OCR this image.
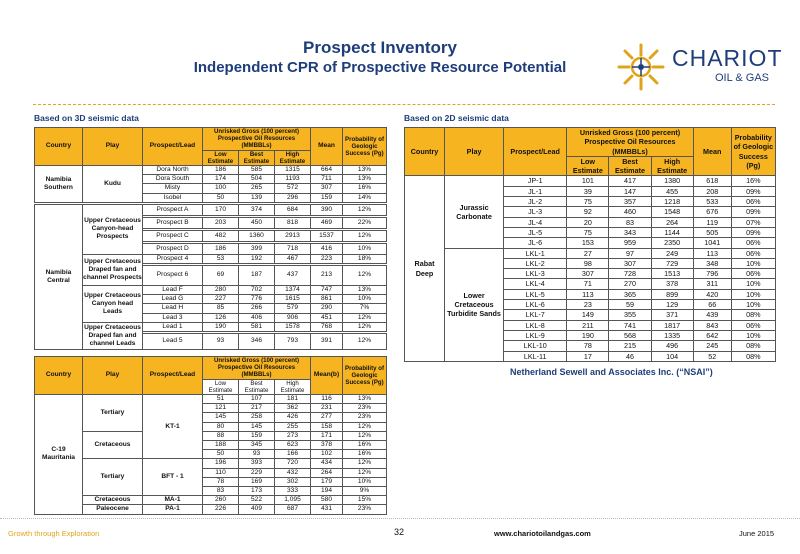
Prospect Inventory
Independent CPR of Prospective Resource Potential	CHARIOT
OIL & GAS
Based on 3D seismic data	Based on 2D seismic data
Country	Play	Prospect/Lead	Unrisked Gross (100 percent) Prospective Oil Resources (MMBBLs)			Mean	Probability of Geologic Success (Pg)
			Low Estimate	Best Estimate	High Estimate		
Namibia Southern	Kudu	Dora North	186	585	1315	664	13%
		Dora South	174	504	1193	711	13%
		Misty	100	265	572	307	16%
		Isobel	50	139	296	159	14%

Namibia Central	Upper Cretaceous Canyon-head Prospects	Prospect A	170	374	684	390	12%

		Prospect B	203	450	818	469	22%

		Prospect C	482	1360	2913	1537	12%

		Prospect D	186	399	718	416	10%
	Upper Cretaceous Draped fan and channel Prospects	Prospect 4	53	192	467	223	18%

		Prospect 6	69	187	437	213	12%
	Upper Cretaceous Canyon head Leads	Lead F	280	702	1374	747	13%
		Lead G	227	776	1615	861	10%
		Lead H	85	266	579	290	7%
		Lead 3	126	406	906	451	12%
	Upper Cretaceous Draped fan and channel Leads	Lead 1	190	581	1578	768	12%

		Lead 5	93	346	793	391	12%
Country	Play	Prospect/Lead	Unrisked Gross (100 percent) Prospective Oil Resources (MMBBLs)			Mean(b)	Probability of Geologic Success (Pg)
			Low Estimate	Best Estimate	High Estimate		
C-19 Mauritania	Tertiary	KT-1	51	107	181	116	13%
			121	217	362	231	23%
			145	258	426	277	23%
			80	145	255	158	12%
	Cretaceous		88	159	273	171	12%
			188	345	623	378	16%
			50	93	166	102	16%
	Tertiary	BFT - 1	196	393	720	434	12%
			110	229	432	264	12%
			78	169	302	179	10%
			83	173	333	194	9%
	Cretaceous	MA-1	260	522	1,095	580	15%
	Paleocene	PA-1	226	409	687	431	23%
Country	Play	Prospect/Lead	Unrisked Gross (100 percent) Prospective Oil Resources (MMBBLs)			Mean	Probability of Geologic Success (Pg)
			Low Estimate	Best Estimate	High Estimate		
Rabat Deep	Jurassic Carbonate	JP-1	101	417	1380	618	16%
		JL-1	39	147	455	208	09%
		JL-2	75	357	1218	533	06%
		JL-3	92	460	1548	676	09%
		JL-4	20	83	264	119	07%
		JL-5	75	343	1144	505	09%
		JL-6	153	959	2350	1041	06%
	Lower Cretaceous Turbidite Sands	LKL-1	27	97	249	113	06%
		LKL-2	98	307	729	348	10%
		LKL-3	307	728	1513	796	06%
		LKL-4	71	270	378	311	10%
		LKL-5	113	365	899	420	10%
		LKL-6	23	59	129	66	10%
		LKL-7	149	355	371	439	08%
		LKL-8	211	741	1817	843	06%
		LKL-9	190	568	1335	642	10%
		LKL-10	78	215	496	245	08%
		LKL-11	17	46	104	52	08%
Netherland Sewell and Associates Inc. (“NSAI”)
Growth through Exploration	32	www.chariotoilandgas.com	June 2015
